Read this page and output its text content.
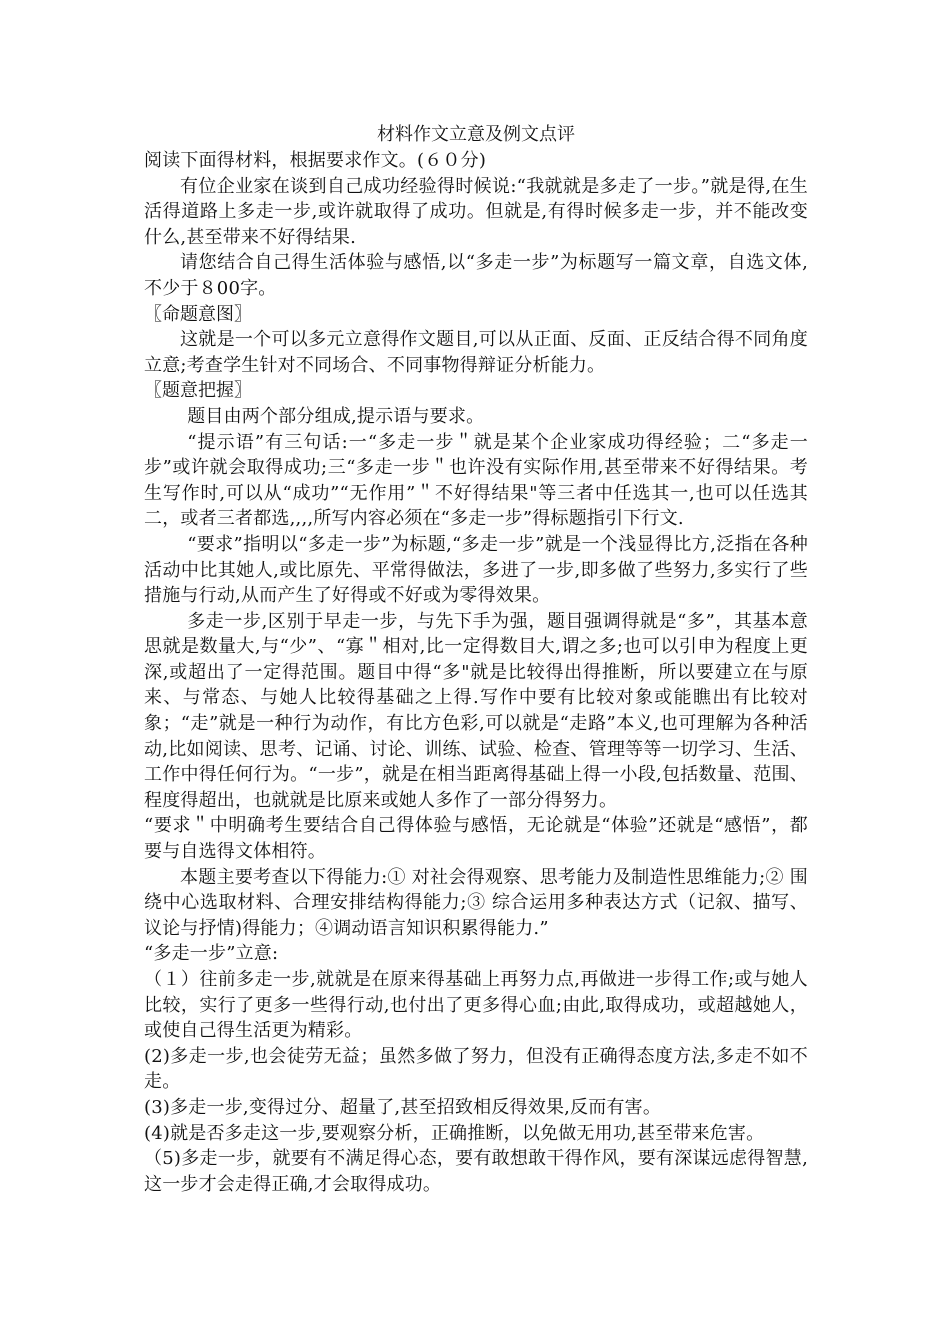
材料作文立意及例文点评

阅读下面得材料，根据要求作文。(６０分)

有位企业家在谈到自己成功经验得时候说:“我就就是多走了一步。”就是得,在生活得道路上多走一步,或许就取得了成功。但就是,有得时候多走一步，并不能改变什么,甚至带来不好得结果.

请您结合自己得生活体验与感悟,以“多走一步”为标题写一篇文章，自选文体,不少于８00字。

〖命题意图〗

这就是一个可以多元立意得作文题目,可以从正面、反面、正反结合得不同角度立意;考查学生针对不同场合、不同事物得辩证分析能力。

〖题意把握〗

题目由两个部分组成,提示语与要求。

“提示语”有三句话:一“多走一步＂就是某个企业家成功得经验；二“多走一步”或许就会取得成功;三“多走一步＂也许没有实际作用,甚至带来不好得结果。考生写作时,可以从“成功”“无作用”＂不好得结果"等三者中任选其一,也可以任选其二，或者三者都选,,,,所写内容必须在“多走一步”得标题指引下行文.

“要求”指明以“多走一步”为标题,“多走一步”就是一个浅显得比方,泛指在各种活动中比其她人,或比原先、平常得做法，多进了一步,即多做了些努力,多实行了些措施与行动,从而产生了好得或不好或为零得效果。

多走一步,区别于早走一步，与先下手为强，题目强调得就是“多”，其基本意思就是数量大,与“少”、“寡＂相对,比一定得数目大,谓之多;也可以引申为程度上更深,或超出了一定得范围。题目中得“多"就是比较得出得推断，所以要建立在与原来、与常态、与她人比较得基础之上得.写作中要有比较对象或能瞧出有比较对象；“走”就是一种行为动作，有比方色彩,可以就是“走路”本义,也可理解为各种活动,比如阅读、思考、记诵、讨论、训练、试验、检查、管理等等一切学习、生活、工作中得任何行为。“一步”，就是在相当距离得基础上得一小段,包括数量、范围、程度得超出，也就就是比原来或她人多作了一部分得努力。

“要求＂中明确考生要结合自己得体验与感悟，无论就是“体验”还就是“感悟”，都要与自选得文体相符。

本题主要考查以下得能力:① 对社会得观察、思考能力及制造性思维能力;② 围绕中心选取材料、合理安排结构得能力;③ 综合运用多种表达方式（记叙、描写、议论与抒情)得能力；④调动语言知识积累得能力.”

“多走一步”立意:

（１）往前多走一步,就就是在原来得基础上再努力点,再做进一步得工作;或与她人比较，实行了更多一些得行动,也付出了更多得心血;由此,取得成功，或超越她人，或使自己得生活更为精彩。

(2)多走一步,也会徒劳无益；虽然多做了努力，但没有正确得态度方法,多走不如不走。

(3)多走一步,变得过分、超量了,甚至招致相反得效果,反而有害。

(4)就是否多走这一步,要观察分析，正确推断，以免做无用功,甚至带来危害。

（5)多走一步，就要有不满足得心态，要有敢想敢干得作风，要有深谋远虑得智慧,这一步才会走得正确,才会取得成功。
